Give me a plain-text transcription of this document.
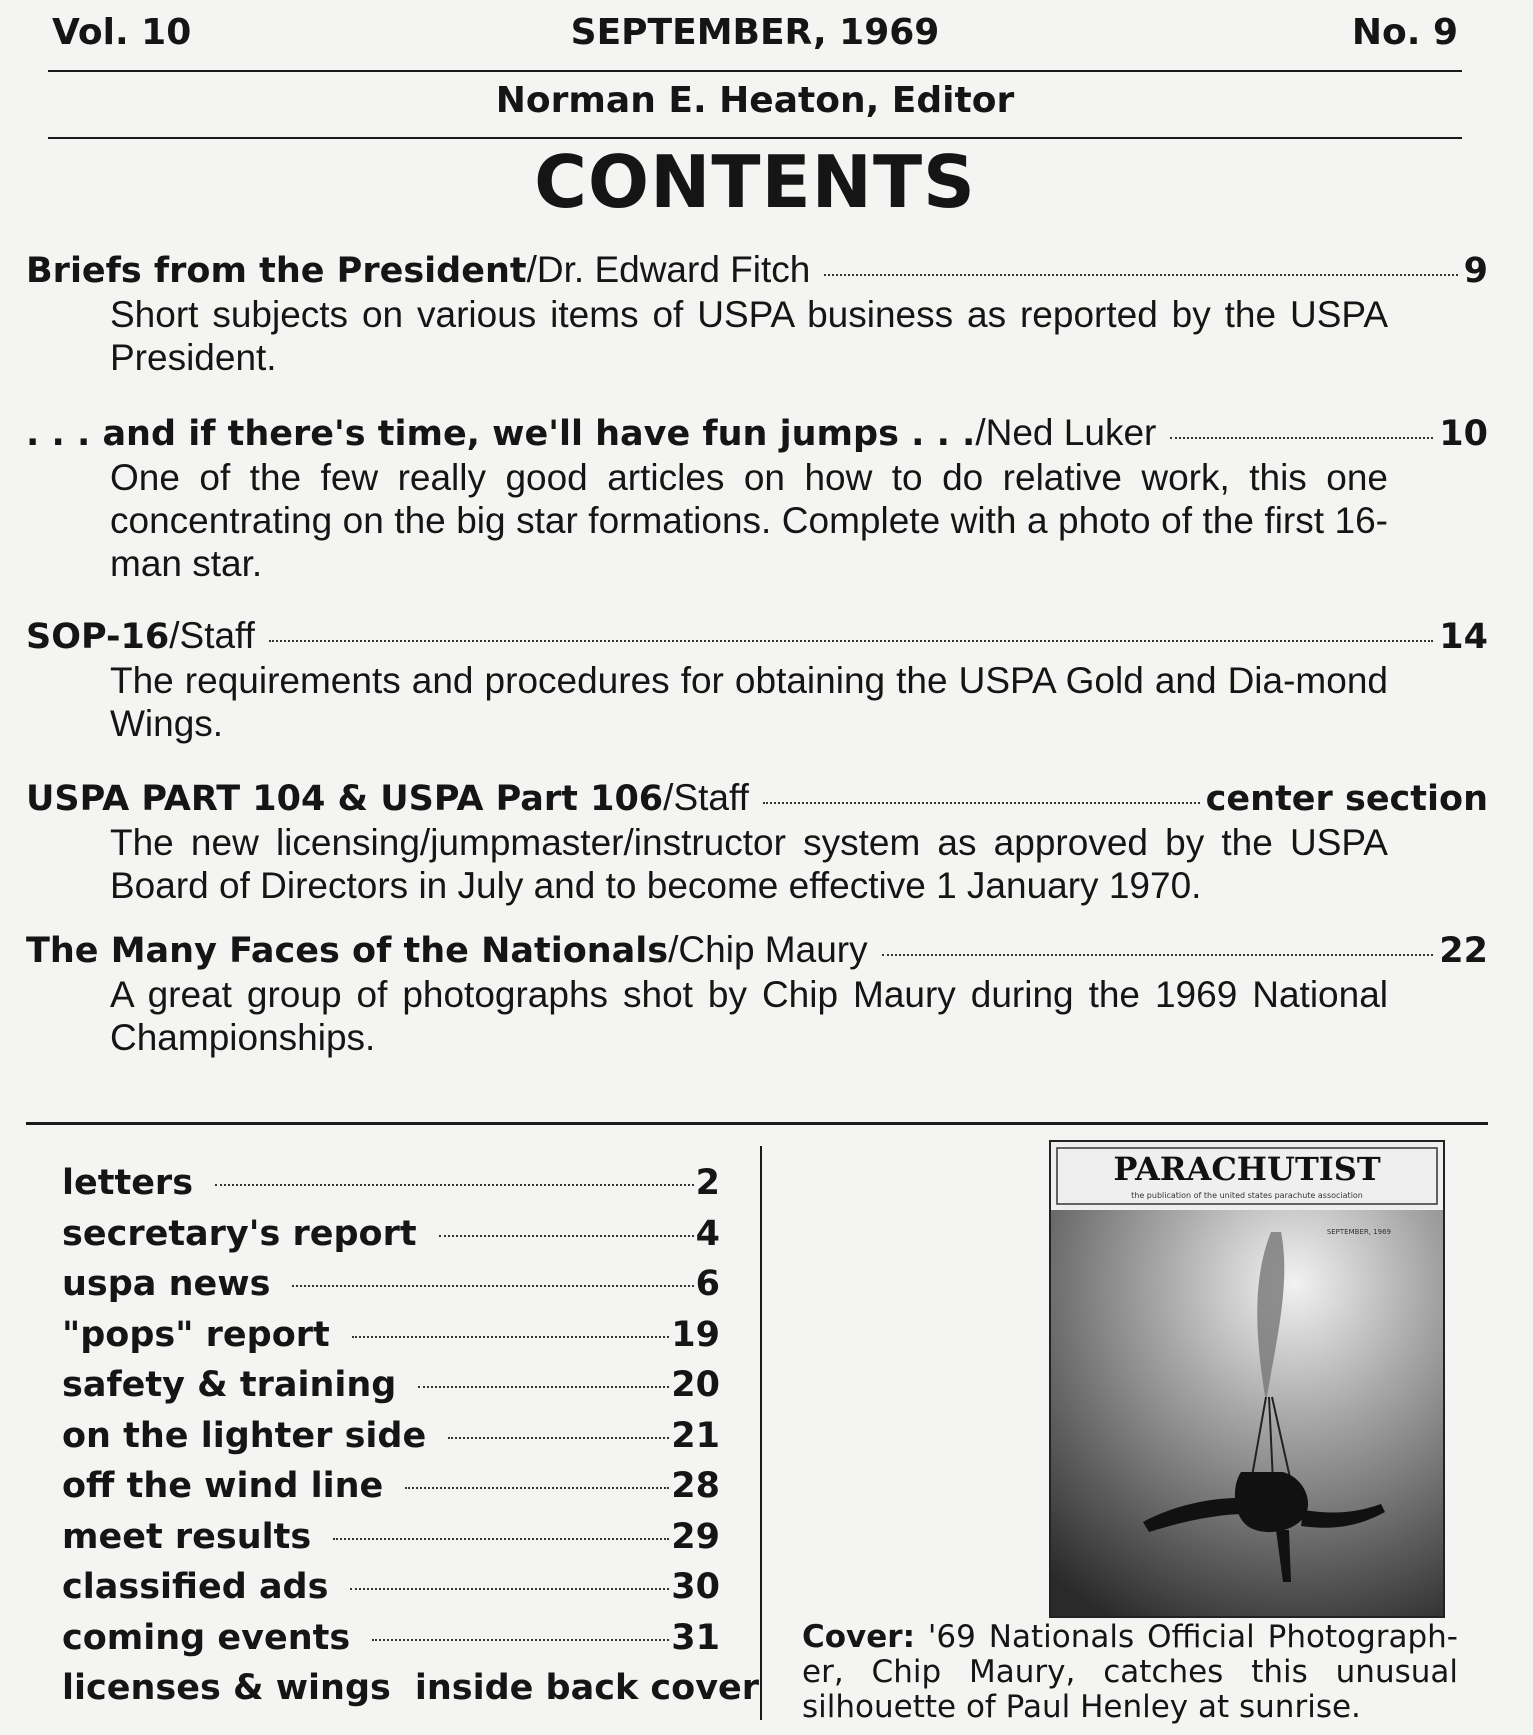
Vol. 10	SEPTEMBER, 1969	No. 9
Norman E. Heaton, Editor
CONTENTS
Briefs from the President /Dr. Edward Fitch	9
Short subjects on various items of USPA business as reported by the USPA President.
. . . and if there's time, we'll have fun jumps . . . /Ned Luker	10
One of the few really good articles on how to do relative work, this one concentrating on the big star formations. Complete with a photo of the first 16-man star.
SOP-16 /Staff	14
The requirements and procedures for obtaining the USPA Gold and Dia-mond Wings.
USPA PART 104 & USPA Part 106 /Staff	center section
The new licensing/jumpmaster/instructor system as approved by the USPA Board of Directors in July and to become effective 1 January 1970.
The Many Faces of the Nationals /Chip Maury	22
A great group of photographs shot by Chip Maury during the 1969 National Championships.
letters	2
secretary's report	4
uspa news	6
"pops" report	19
safety & training	20
on the lighter side	21
off the wind line	28
meet results	29
classified ads	30
coming events	31
licenses & wings inside back cover
PARACHUTIST
the publication of the united states parachute association
SEPTEMBER, 1969
Cover: '69 Nationals Official Photograph-er, Chip Maury, catches this unusual silhouette of Paul Henley at sunrise.
